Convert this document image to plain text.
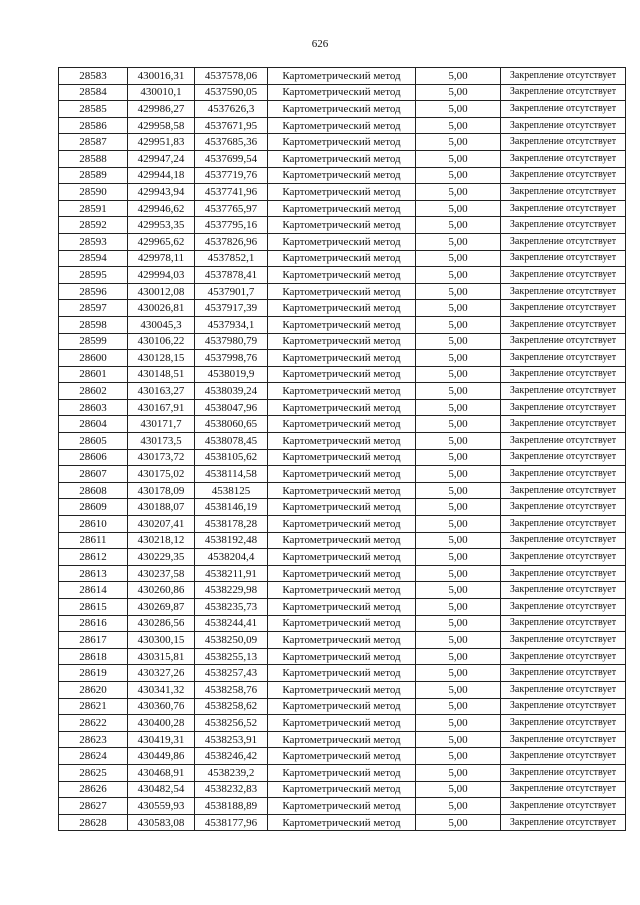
626
28583	430016,31	4537578,06	Картометрический метод	5,00	Закрепление отсутствует
28584	430010,1	4537590,05	Картометрический метод	5,00	Закрепление отсутствует
28585	429986,27	4537626,3	Картометрический метод	5,00	Закрепление отсутствует
28586	429958,58	4537671,95	Картометрический метод	5,00	Закрепление отсутствует
28587	429951,83	4537685,36	Картометрический метод	5,00	Закрепление отсутствует
28588	429947,24	4537699,54	Картометрический метод	5,00	Закрепление отсутствует
28589	429944,18	4537719,76	Картометрический метод	5,00	Закрепление отсутствует
28590	429943,94	4537741,96	Картометрический метод	5,00	Закрепление отсутствует
28591	429946,62	4537765,97	Картометрический метод	5,00	Закрепление отсутствует
28592	429953,35	4537795,16	Картометрический метод	5,00	Закрепление отсутствует
28593	429965,62	4537826,96	Картометрический метод	5,00	Закрепление отсутствует
28594	429978,11	4537852,1	Картометрический метод	5,00	Закрепление отсутствует
28595	429994,03	4537878,41	Картометрический метод	5,00	Закрепление отсутствует
28596	430012,08	4537901,7	Картометрический метод	5,00	Закрепление отсутствует
28597	430026,81	4537917,39	Картометрический метод	5,00	Закрепление отсутствует
28598	430045,3	4537934,1	Картометрический метод	5,00	Закрепление отсутствует
28599	430106,22	4537980,79	Картометрический метод	5,00	Закрепление отсутствует
28600	430128,15	4537998,76	Картометрический метод	5,00	Закрепление отсутствует
28601	430148,51	4538019,9	Картометрический метод	5,00	Закрепление отсутствует
28602	430163,27	4538039,24	Картометрический метод	5,00	Закрепление отсутствует
28603	430167,91	4538047,96	Картометрический метод	5,00	Закрепление отсутствует
28604	430171,7	4538060,65	Картометрический метод	5,00	Закрепление отсутствует
28605	430173,5	4538078,45	Картометрический метод	5,00	Закрепление отсутствует
28606	430173,72	4538105,62	Картометрический метод	5,00	Закрепление отсутствует
28607	430175,02	4538114,58	Картометрический метод	5,00	Закрепление отсутствует
28608	430178,09	4538125	Картометрический метод	5,00	Закрепление отсутствует
28609	430188,07	4538146,19	Картометрический метод	5,00	Закрепление отсутствует
28610	430207,41	4538178,28	Картометрический метод	5,00	Закрепление отсутствует
28611	430218,12	4538192,48	Картометрический метод	5,00	Закрепление отсутствует
28612	430229,35	4538204,4	Картометрический метод	5,00	Закрепление отсутствует
28613	430237,58	4538211,91	Картометрический метод	5,00	Закрепление отсутствует
28614	430260,86	4538229,98	Картометрический метод	5,00	Закрепление отсутствует
28615	430269,87	4538235,73	Картометрический метод	5,00	Закрепление отсутствует
28616	430286,56	4538244,41	Картометрический метод	5,00	Закрепление отсутствует
28617	430300,15	4538250,09	Картометрический метод	5,00	Закрепление отсутствует
28618	430315,81	4538255,13	Картометрический метод	5,00	Закрепление отсутствует
28619	430327,26	4538257,43	Картометрический метод	5,00	Закрепление отсутствует
28620	430341,32	4538258,76	Картометрический метод	5,00	Закрепление отсутствует
28621	430360,76	4538258,62	Картометрический метод	5,00	Закрепление отсутствует
28622	430400,28	4538256,52	Картометрический метод	5,00	Закрепление отсутствует
28623	430419,31	4538253,91	Картометрический метод	5,00	Закрепление отсутствует
28624	430449,86	4538246,42	Картометрический метод	5,00	Закрепление отсутствует
28625	430468,91	4538239,2	Картометрический метод	5,00	Закрепление отсутствует
28626	430482,54	4538232,83	Картометрический метод	5,00	Закрепление отсутствует
28627	430559,93	4538188,89	Картометрический метод	5,00	Закрепление отсутствует
28628	430583,08	4538177,96	Картометрический метод	5,00	Закрепление отсутствует
